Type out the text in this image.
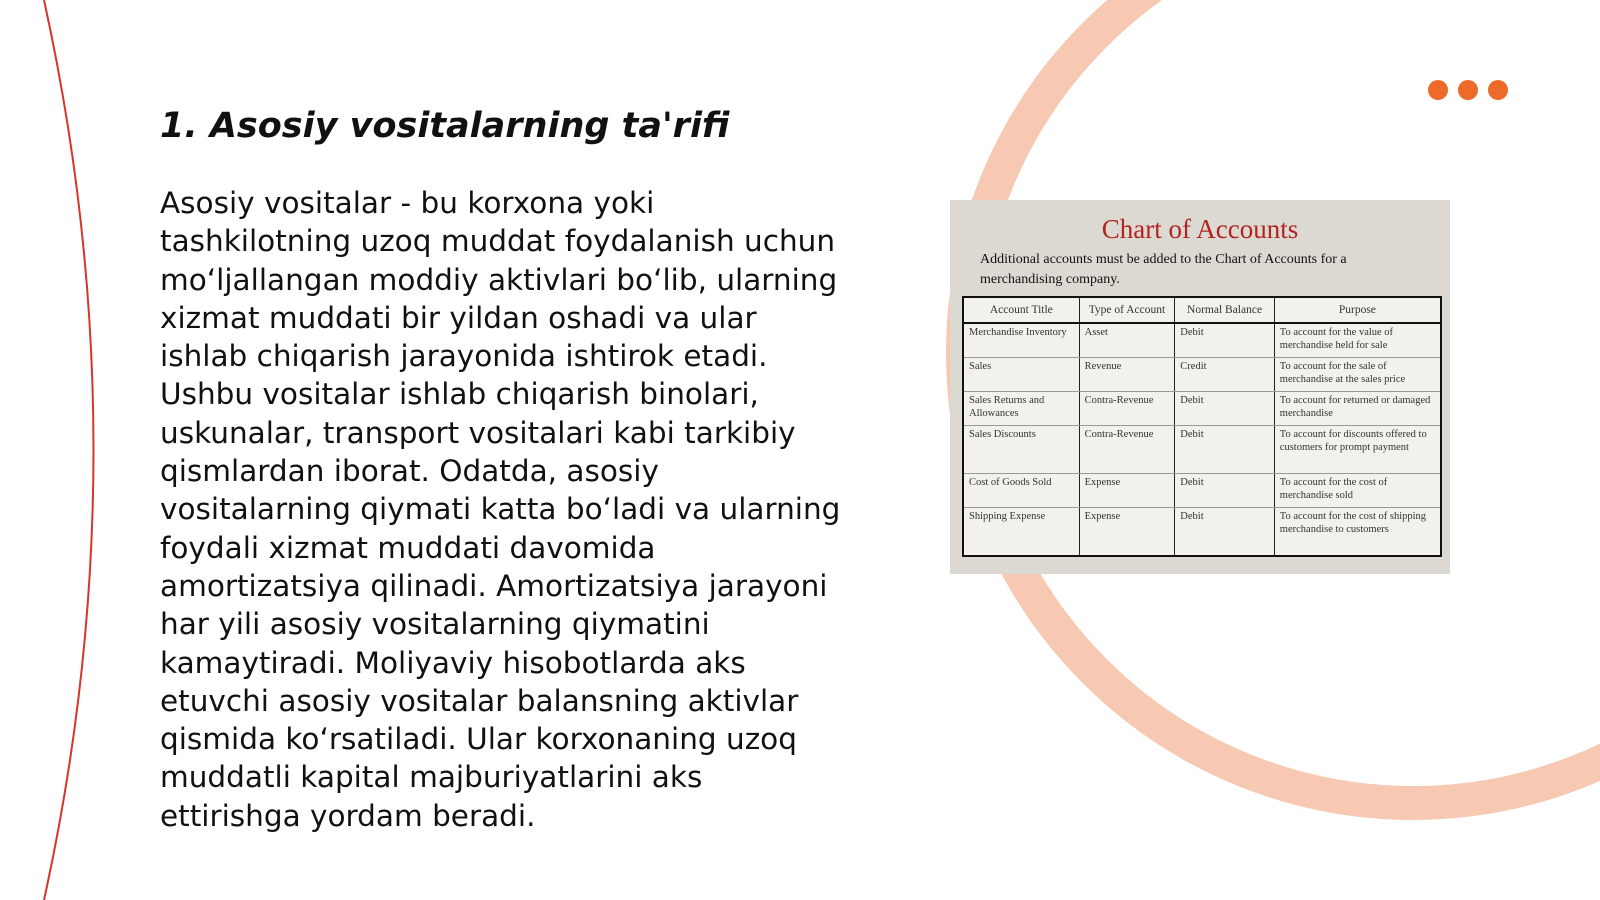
1. Asosiy vositalarning ta'rifi

Asosiy vositalar - bu korxona yoki tashkilotning uzoq muddat foydalanish uchun mo‘ljallangan moddiy aktivlari bo‘lib, ularning xizmat muddati bir yildan oshadi va ular ishlab chiqarish jarayonida ishtirok etadi. Ushbu vositalar ishlab chiqarish binolari, uskunalar, transport vositalari kabi tarkibiy qismlardan iborat. Odatda, asosiy vositalarning qiymati katta bo‘ladi va ularning foydali xizmat muddati davomida amortizatsiya qilinadi. Amortizatsiya jarayoni har yili asosiy vositalarning qiymatini kamaytiradi. Moliyaviy hisobotlarda aks etuvchi asosiy vositalar balansning aktivlar qismida ko‘rsatiladi. Ular korxonaning uzoq muddatli kapital majburiyatlarini aks ettirishga yordam beradi.

Chart of Accounts
Additional accounts must be added to the Chart of Accounts for a merchandising company.
Account Title	Type of Account	Normal Balance	Purpose
Merchandise Inventory	Asset	Debit	To account for the value of merchandise held for sale
Sales	Revenue	Credit	To account for the sale of merchandise at the sales price
Sales Returns and Allowances	Contra-Revenue	Debit	To account for returned or damaged merchandise
Sales Discounts	Contra-Revenue	Debit	To account for discounts offered to customers for prompt payment
Cost of Goods Sold	Expense	Debit	To account for the cost of merchandise sold
Shipping Expense	Expense	Debit	To account for the cost of shipping merchandise to customers
